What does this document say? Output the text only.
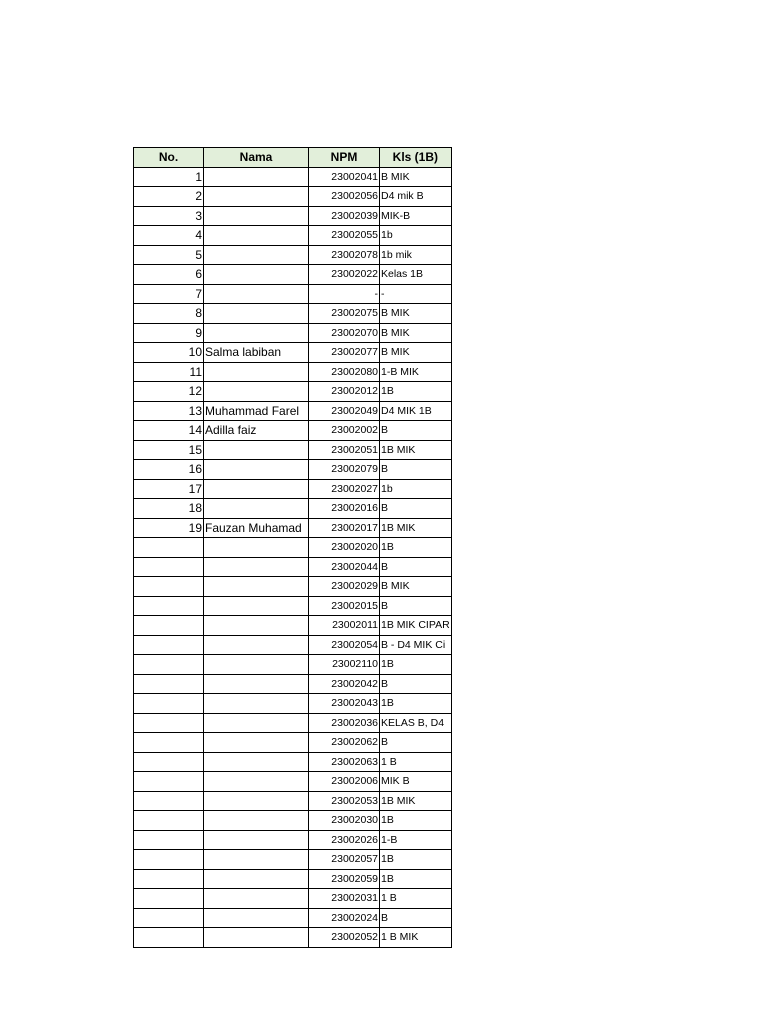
No.	Nama	NPM	Kls (1B)
1		23002041	B MIK
2		23002056	D4 mik B
3		23002039	MIK-B
4		23002055	1b
5		23002078	1b mik
6		23002022	Kelas 1B
7		-	-
8		23002075	B MIK
9		23002070	B MIK
10	Salma labiban	23002077	B MIK
11		23002080	1-B MIK
12		23002012	1B
13	Muhammad Farel	23002049	D4 MIK 1B
14	Adilla faiz	23002002	B
15		23002051	1B MIK
16		23002079	B
17		23002027	1b
18		23002016	B
19	Fauzan Muhamad	23002017	1B MIK
		23002020	1B
		23002044	B
		23002029	B MIK
		23002015	B
		23002011	1B MIK CIPAR
		23002054	B - D4 MIK Ci
		23002110	1B
		23002042	B
		23002043	1B
		23002036	KELAS B, D4
		23002062	B
		23002063	1 B
		23002006	MIK B
		23002053	1B MIK
		23002030	1B
		23002026	1-B
		23002057	1B
		23002059	1B
		23002031	1 B
		23002024	B
		23002052	1 B MIK
